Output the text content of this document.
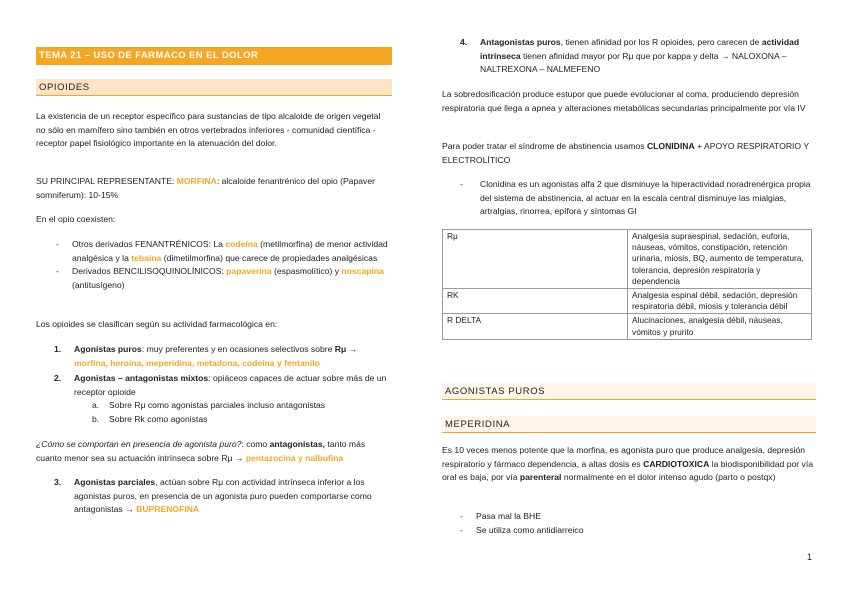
TEMA 21 – USO DE FARMACO EN EL DOLOR
OPIOIDES

La existencia de un receptor específico para sustancias de tipo alcaloide de origen vegetal no sólo en mamífero sino también en otros vertebrados inferiores - comunidad científica - receptor papel fisiológico importante en la atenuación del dolor.

SU PRINCIPAL REPRESENTANTE: MORFINA: alcaloide fenantrénico del opio (Papaver somniferum): 10-15%

En el opio coexisten:

- Otros derivados FENANTRÉNICOS: La codeína (metilmorfina) de menor actividad analgésica y la tebaína (dimetilmorfina) que carece de propiedades analgésicas
- Derivados BENCILISOQUINOLÍNICOS: papaverina (espasmolítico) y noscapina (antitusígeno)

Los opioides se clasifican según su actividad farmacológica en:

1.	Agonistas puros: muy preferentes y en ocasiones selectivos sobre Rμ →
morfina, heroína, meperidina, metadona, codeína y fentanilo

2.	Agonistas – antagonistas mixtos: opiáceos capaces de actuar sobre más de un receptor opioide

a. Sobre Rμ como agonistas parciales incluso antagonistas
b. Sobre Rk como agonistas

¿Cómo se comportan en presencia de agonista puro?: como antagonistas, tanto más cuanto menor sea su actuación intrínseca sobre Rμ → pentazocina y nalbufina

3.	Agonistas parciales, actúan sobre Rμ con actividad intrínseca inferior a los agonistas puros, en presencia de un agonista puro pueden comportarse como antagonistas → BUPRENOFINA

4.	Antagonistas puros, tienen afinidad por los R opioides, pero carecen de actividad intrínseca tienen afinidad mayor por Rμ que por kappa y delta → NALOXONA – NALTREXONA – NALMEFENO

La sobredosificación produce estupor que puede evolucionar al coma, produciendo depresión respiratoria que llega a apnea y alteraciones metabólicas secundarias principalmente por vía IV

Para poder tratar el síndrome de abstinencia usamos CLONIDINA + APOYO RESPIRATORIO Y ELECTROLÍTICO

- Clonidina es un agonistas alfa 2 que disminuye la hiperactividad noradrenérgica propia del sistema de abstinencia, al actuar en la escala central disminuye las mialgias, artralgias, rinorrea, epífora y síntomas GI
Rμ	Analgesia supraespinal, sedación, euforia, náuseas, vómitos, constipación, retención urinaria, miosis, BQ, aumento de temperatura, tolerancia, depresión respiratoria y dependencia
RK	Analgesia espinal débil, sedación, depresión respiratoria débil, miosis y tolerancia débil
R DELTA	Alucinaciones, analgesia débil, náuseas, vómitos y prurito
AGONISTAS PUROS
MEPERIDINA

Es 10 veces menos potente que la morfina, es agonista puro que produce analgesia, depresión respiratorio y fármaco dependencia, a altas dosis es CARDIOTOXICA la biodisponibilidad por vía oral es baja, por vía parenteral normalmente en el dolor intenso agudo (parto o postqx)

- Pasa mal la BHE
- Se utiliza como antidiarreico
1
